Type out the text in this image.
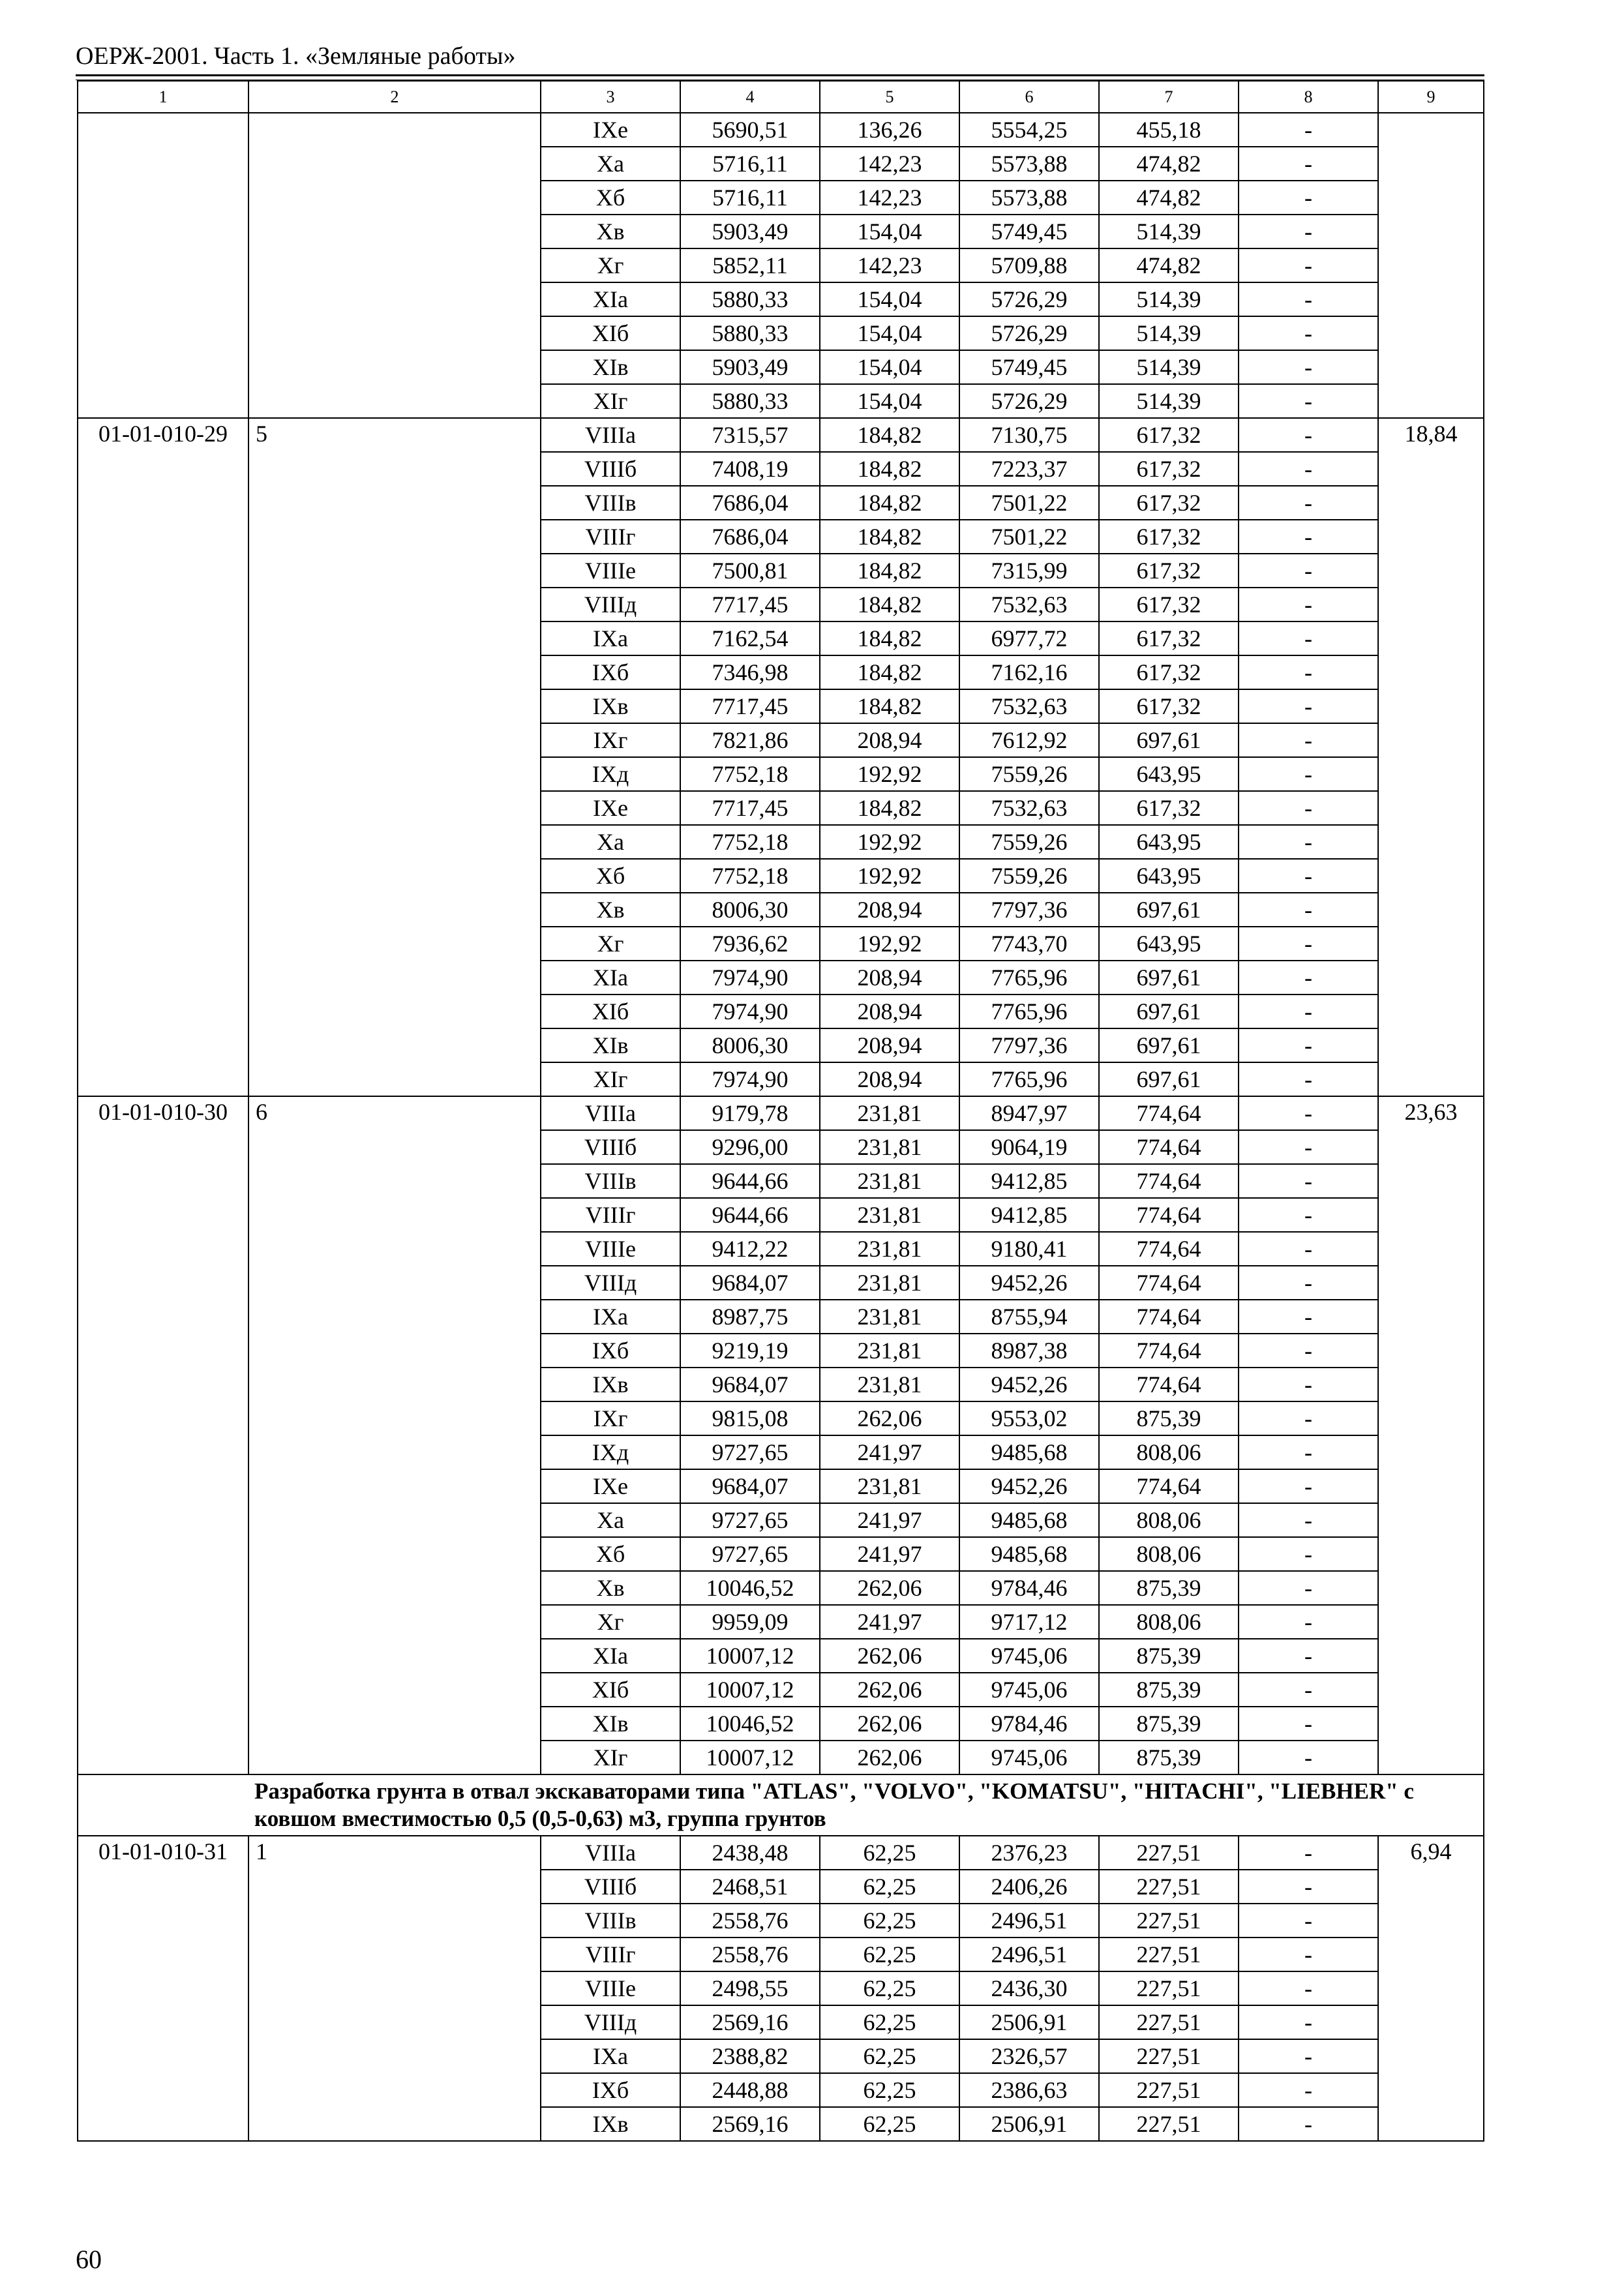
ОЕРЖ-2001. Часть 1. «Земляные работы»
1	2	3	4	5	6	7	8	9
		IXe	5690,51	136,26	5554,25	455,18	-	
		Xa	5716,11	142,23	5573,88	474,82	-	
		Xб	5716,11	142,23	5573,88	474,82	-	
		Xв	5903,49	154,04	5749,45	514,39	-	
		Xг	5852,11	142,23	5709,88	474,82	-	
		XIa	5880,33	154,04	5726,29	514,39	-	
		XIб	5880,33	154,04	5726,29	514,39	-	
		XIв	5903,49	154,04	5749,45	514,39	-	
		XIг	5880,33	154,04	5726,29	514,39	-	
01-01-010-29	5	VIIIa	7315,57	184,82	7130,75	617,32	-	18,84
		VIIIб	7408,19	184,82	7223,37	617,32	-	
		VIIIв	7686,04	184,82	7501,22	617,32	-	
		VIIIг	7686,04	184,82	7501,22	617,32	-	
		VIIIe	7500,81	184,82	7315,99	617,32	-	
		VIIIд	7717,45	184,82	7532,63	617,32	-	
		IXa	7162,54	184,82	6977,72	617,32	-	
		IXб	7346,98	184,82	7162,16	617,32	-	
		IXв	7717,45	184,82	7532,63	617,32	-	
		IXг	7821,86	208,94	7612,92	697,61	-	
		IXд	7752,18	192,92	7559,26	643,95	-	
		IXe	7717,45	184,82	7532,63	617,32	-	
		Xa	7752,18	192,92	7559,26	643,95	-	
		Xб	7752,18	192,92	7559,26	643,95	-	
		Xв	8006,30	208,94	7797,36	697,61	-	
		Xг	7936,62	192,92	7743,70	643,95	-	
		XIa	7974,90	208,94	7765,96	697,61	-	
		XIб	7974,90	208,94	7765,96	697,61	-	
		XIв	8006,30	208,94	7797,36	697,61	-	
		XIг	7974,90	208,94	7765,96	697,61	-	
01-01-010-30	6	VIIIa	9179,78	231,81	8947,97	774,64	-	23,63
		VIIIб	9296,00	231,81	9064,19	774,64	-	
		VIIIв	9644,66	231,81	9412,85	774,64	-	
		VIIIг	9644,66	231,81	9412,85	774,64	-	
		VIIIe	9412,22	231,81	9180,41	774,64	-	
		VIIIд	9684,07	231,81	9452,26	774,64	-	
		IXa	8987,75	231,81	8755,94	774,64	-	
		IXб	9219,19	231,81	8987,38	774,64	-	
		IXв	9684,07	231,81	9452,26	774,64	-	
		IXг	9815,08	262,06	9553,02	875,39	-	
		IXд	9727,65	241,97	9485,68	808,06	-	
		IXe	9684,07	231,81	9452,26	774,64	-	
		Xa	9727,65	241,97	9485,68	808,06	-	
		Xб	9727,65	241,97	9485,68	808,06	-	
		Xв	10046,52	262,06	9784,46	875,39	-	
		Xг	9959,09	241,97	9717,12	808,06	-	
		XIa	10007,12	262,06	9745,06	875,39	-	
		XIб	10007,12	262,06	9745,06	875,39	-	
		XIв	10046,52	262,06	9784,46	875,39	-	
		XIг	10007,12	262,06	9745,06	875,39	-	
Разработка грунта в отвал экскаваторами типа "ATLAS", "VOLVO", "KOMATSU", "HITACHI", "LIEBHER" с ковшом вместимостью 0,5 (0,5-0,63) м3, группа грунтов								
01-01-010-31	1	VIIIa	2438,48	62,25	2376,23	227,51	-	6,94
		VIIIб	2468,51	62,25	2406,26	227,51	-	
		VIIIв	2558,76	62,25	2496,51	227,51	-	
		VIIIг	2558,76	62,25	2496,51	227,51	-	
		VIIIe	2498,55	62,25	2436,30	227,51	-	
		VIIIд	2569,16	62,25	2506,91	227,51	-	
		IXa	2388,82	62,25	2326,57	227,51	-	
		IXб	2448,88	62,25	2386,63	227,51	-	
		IXв	2569,16	62,25	2506,91	227,51	-	
60
